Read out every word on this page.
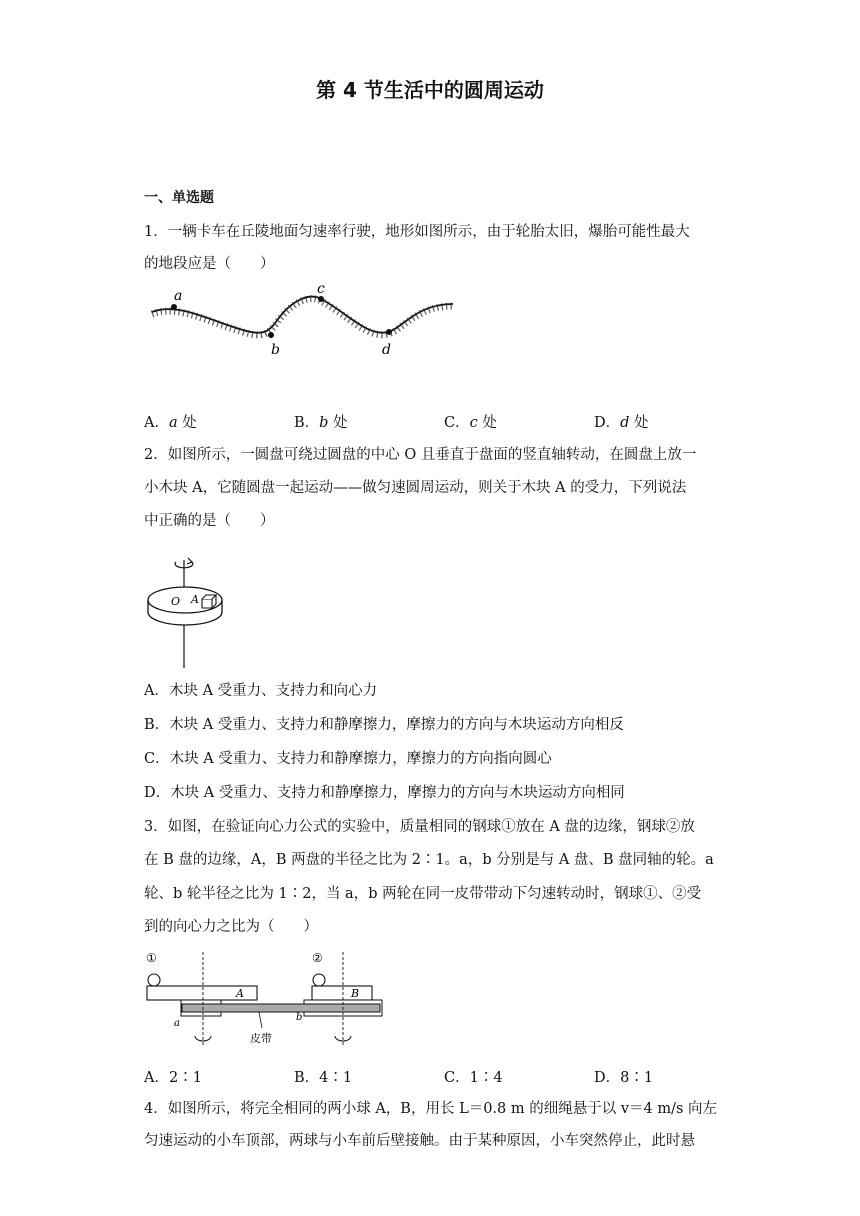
第 4 节生活中的圆周运动
一、单选题
1．一辆卡车在丘陵地面匀速率行驶，地形如图所示，由于轮胎太旧，爆胎可能性最大
的地段应是（　　）
a
b
c
d
A．a 处	B．b 处	C．c 处	D．d 处
2．如图所示，一圆盘可绕过圆盘的中心 O 且垂直于盘面的竖直轴转动，在圆盘上放一
小木块 A，它随圆盘一起运动——做匀速圆周运动，则关于木块 A 的受力，下列说法
中正确的是（　　）
O A
A．木块 A 受重力、支持力和向心力
B．木块 A 受重力、支持力和静摩擦力，摩擦力的方向与木块运动方向相反
C．木块 A 受重力、支持力和静摩擦力，摩擦力的方向指向圆心
D．木块 A 受重力、支持力和静摩擦力，摩擦力的方向与木块运动方向相同
3．如图，在验证向心力公式的实验中，质量相同的钢球①放在 A 盘的边缘，钢球②放
在 B 盘的边缘，A，B 两盘的半径之比为 2∶1。a，b 分别是与 A 盘、B 盘同轴的轮。a
轮、b 轮半径之比为 1∶2，当 a，b 两轮在同一皮带带动下匀速转动时，钢球①、②受
到的向心力之比为（　　）
①	②
A	B
a
b
皮带
A．2∶1	B．4∶1	C．1∶4	D．8∶1
4．如图所示，将完全相同的两小球 A，B，用长 L＝0.8 m 的细绳悬于以 v＝4 m/s 向左
匀速运动的小车顶部，两球与小车前后壁接触。由于某种原因，小车突然停止，此时悬
